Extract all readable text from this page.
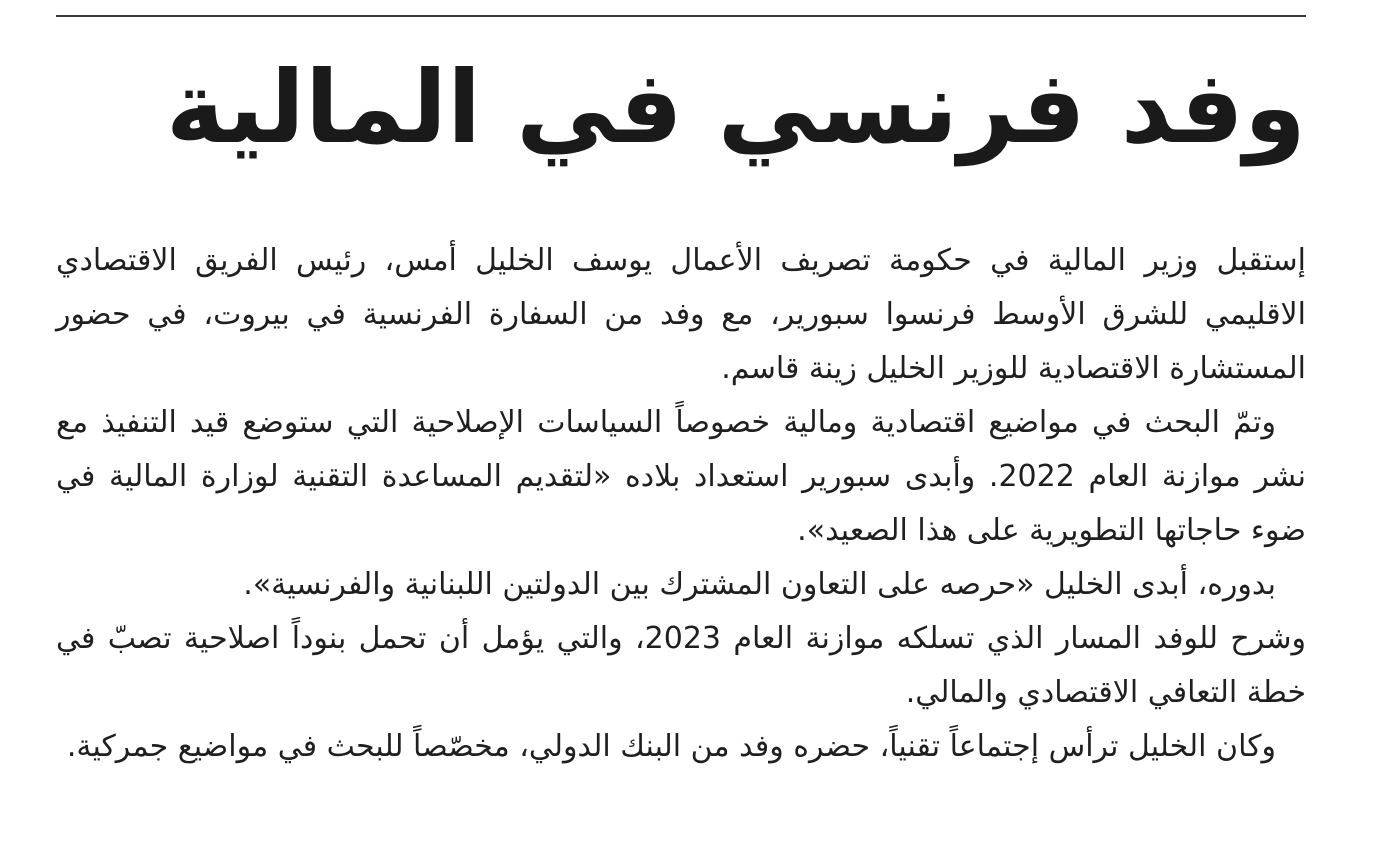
وفد فرنسي في المالية

إستقبل وزير المالية في حكومة تصريف الأعمال يوسف الخليل أمس، رئيس الفريق الاقتصادي الاقليمي للشرق الأوسط فرنسوا سبورير، مع وفد من السفارة الفرنسية في بيروت، في حضور المستشارة الاقتصادية للوزير الخليل زينة قاسم.

وتمّ البحث في مواضيع اقتصادية ومالية خصوصاً السياسات الإصلاحية التي ستوضع قيد التنفيذ مع نشر موازنة العام 2022. وأبدى سبورير استعداد بلاده «لتقديم المساعدة التقنية لوزارة المالية في ضوء حاجاتها التطويرية على هذا الصعيد».

بدوره، أبدى الخليل «حرصه على التعاون المشترك بين الدولتين اللبنانية والفرنسية».

وشرح للوفد المسار الذي تسلكه موازنة العام 2023، والتي يؤمل أن تحمل بنوداً اصلاحية تصبّ في خطة التعافي الاقتصادي والمالي.

وكان الخليل ترأس إجتماعاً تقنياً، حضره وفد من البنك الدولي، مخصّصاً للبحث في مواضيع جمركية.
